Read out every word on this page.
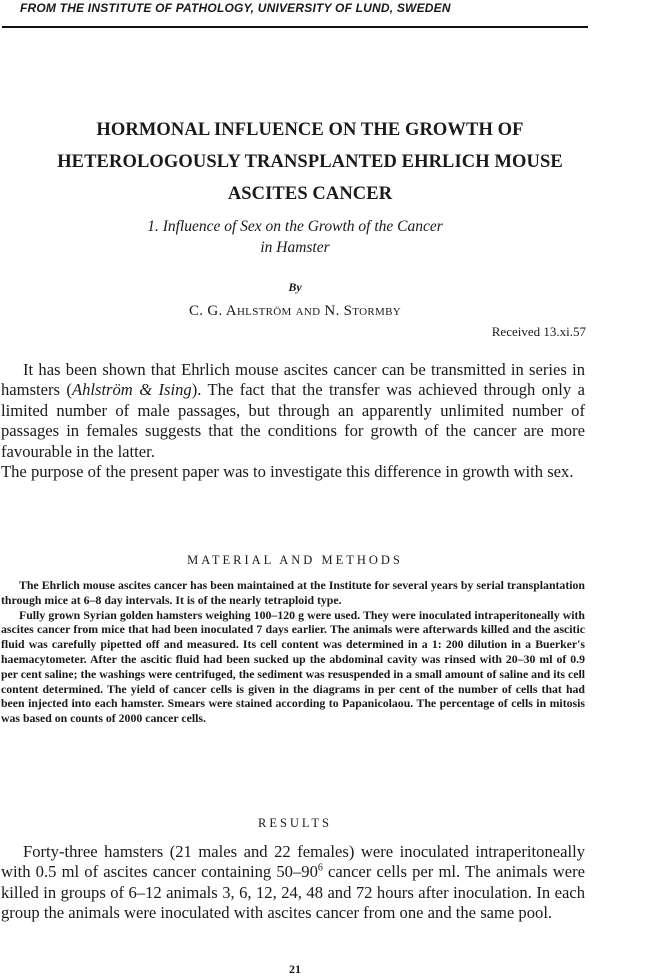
FROM THE INSTITUTE OF PATHOLOGY, UNIVERSITY OF LUND, SWEDEN
HORMONAL INFLUENCE ON THE GROWTH OF
HETEROLOGOUSLY TRANSPLANTED EHRLICH MOUSE
ASCITES CANCER
1. Influence of Sex on the Growth of the Cancer
in Hamster
By
C. G. Ahlström and N. Stormby
Received 13.xi.57

It has been shown that Ehrlich mouse ascites cancer can be transmitted in series in hamsters (Ahlström & Ising). The fact that the transfer was achieved through only a limited number of male passages, but through an apparently unlimited number of passages in females suggests that the conditions for growth of the cancer are more favourable in the latter.

The purpose of the present paper was to investigate this difference in growth with sex.

MATERIAL AND METHODS

The Ehrlich mouse ascites cancer has been maintained at the Institute for several years by serial transplantation through mice at 6–8 day intervals. It is of the nearly tetraploid type.

Fully grown Syrian golden hamsters weighing 100–120 g were used. They were inoculated intraperitoneally with ascites cancer from mice that had been inoculated 7 days earlier. The animals were afterwards killed and the ascitic fluid was carefully pipetted off and measured. Its cell content was determined in a 1: 200 dilution in a Buerker's haemacytometer. After the ascitic fluid had been sucked up the abdominal cavity was rinsed with 20–30 ml of 0.9 per cent saline; the washings were centrifuged, the sediment was resuspended in a small amount of saline and its cell content determined. The yield of cancer cells is given in the diagrams in per cent of the number of cells that had been injected into each hamster. Smears were stained according to Papanicolaou. The percentage of cells in mitosis was based on counts of 2000 cancer cells.

RESULTS

Forty-three hamsters (21 males and 22 females) were inoculated intraperitoneally with 0.5 ml of ascites cancer containing $50-90^6$ cancer cells per ml. The animals were killed in groups of 6–12 animals 3, 6, 12, 24, 48 and 72 hours after inoculation. In each group the animals were inoculated with ascites cancer from one and the same pool.

21
